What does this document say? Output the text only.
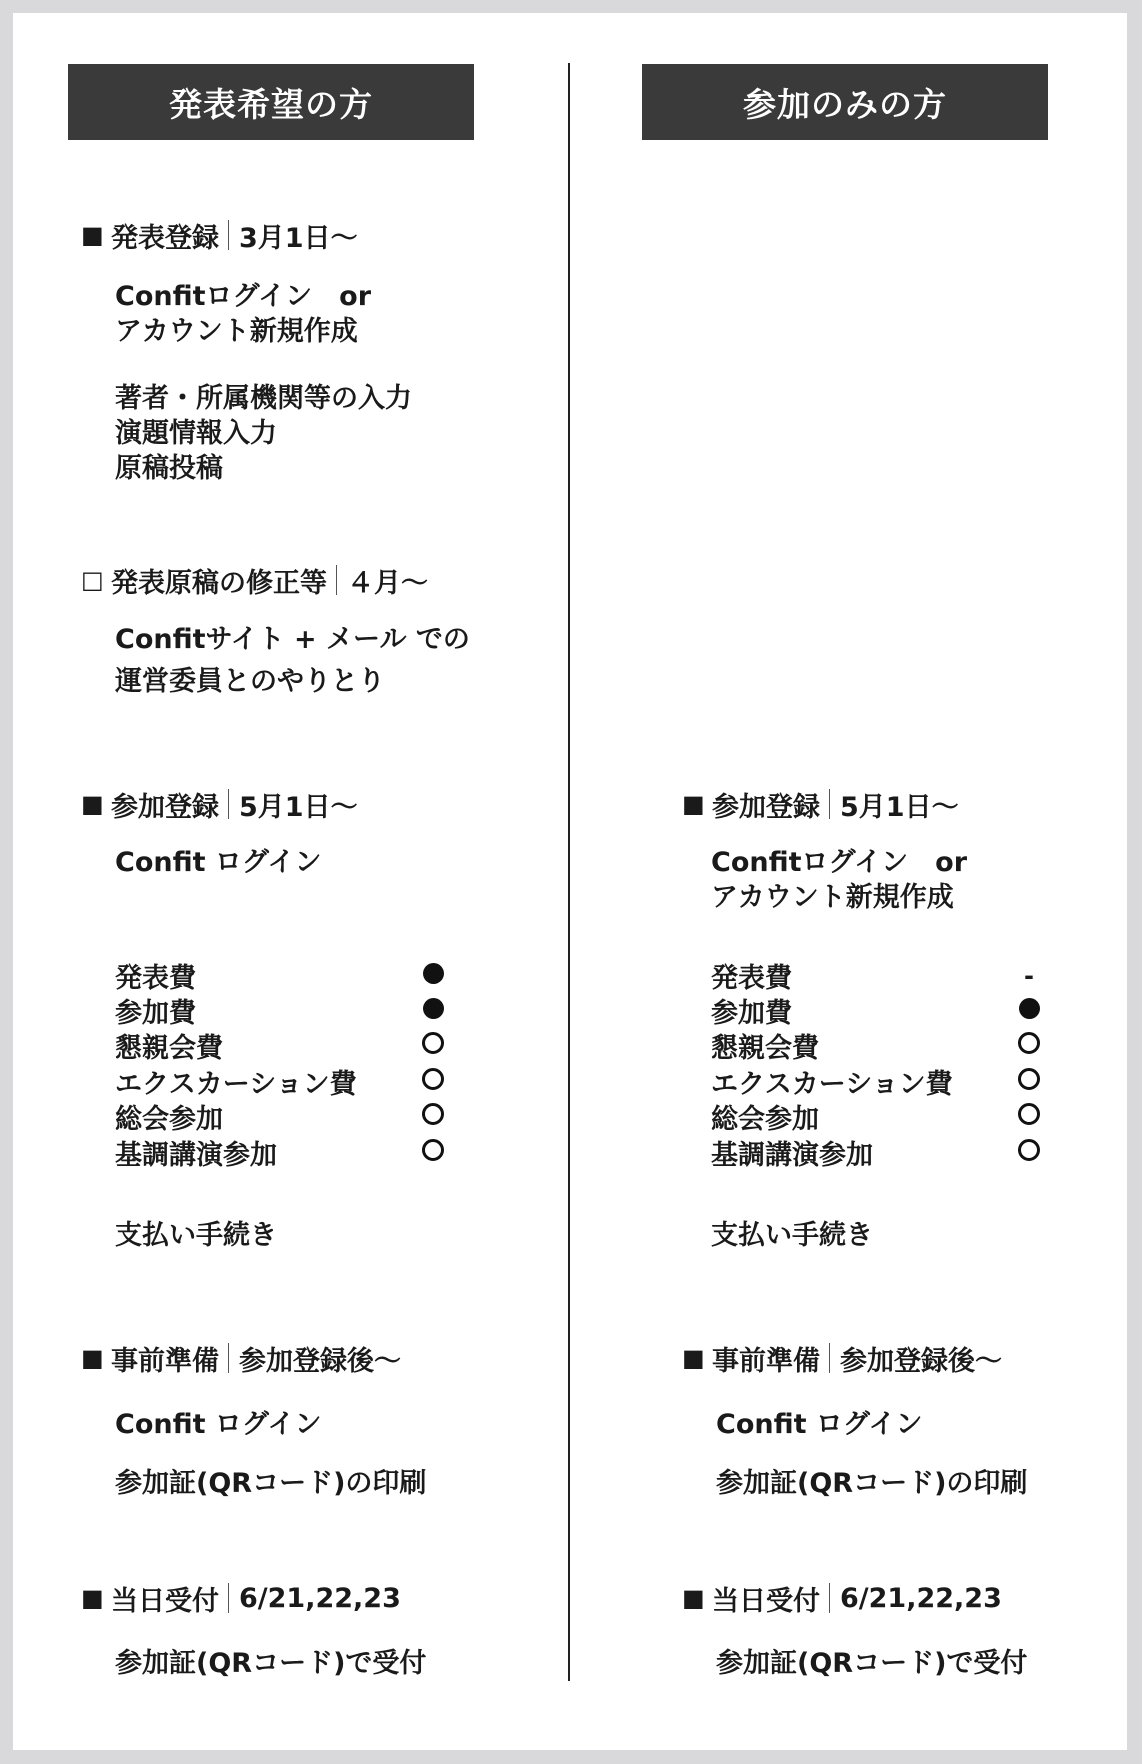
発表希望の方
■ 発表登録 3月1日〜
Confitログイン　or
アカウント新規作成
著者・所属機関等の入力
演題情報入力
原稿投稿
□ 発表原稿の修正等 ４月〜
Confitサイト + メール での
運営委員とのやりとり
■ 参加登録 5月1日〜
Confit ログイン
発表費
参加費
懇親会費
エクスカーション費
総会参加
基調講演参加
支払い手続き
■ 事前準備 参加登録後〜
Confit ログイン
参加証(QRコード)の印刷
■ 当日受付 6/21,22,23
参加証(QRコード)で受付
参加のみの方
■ 参加登録 5月1日〜
Confitログイン　or
アカウント新規作成
発表費	-
参加費
懇親会費
エクスカーション費
総会参加
基調講演参加
支払い手続き
■ 事前準備 参加登録後〜
Confit ログイン
参加証(QRコード)の印刷
■ 当日受付 6/21,22,23
参加証(QRコード)で受付
